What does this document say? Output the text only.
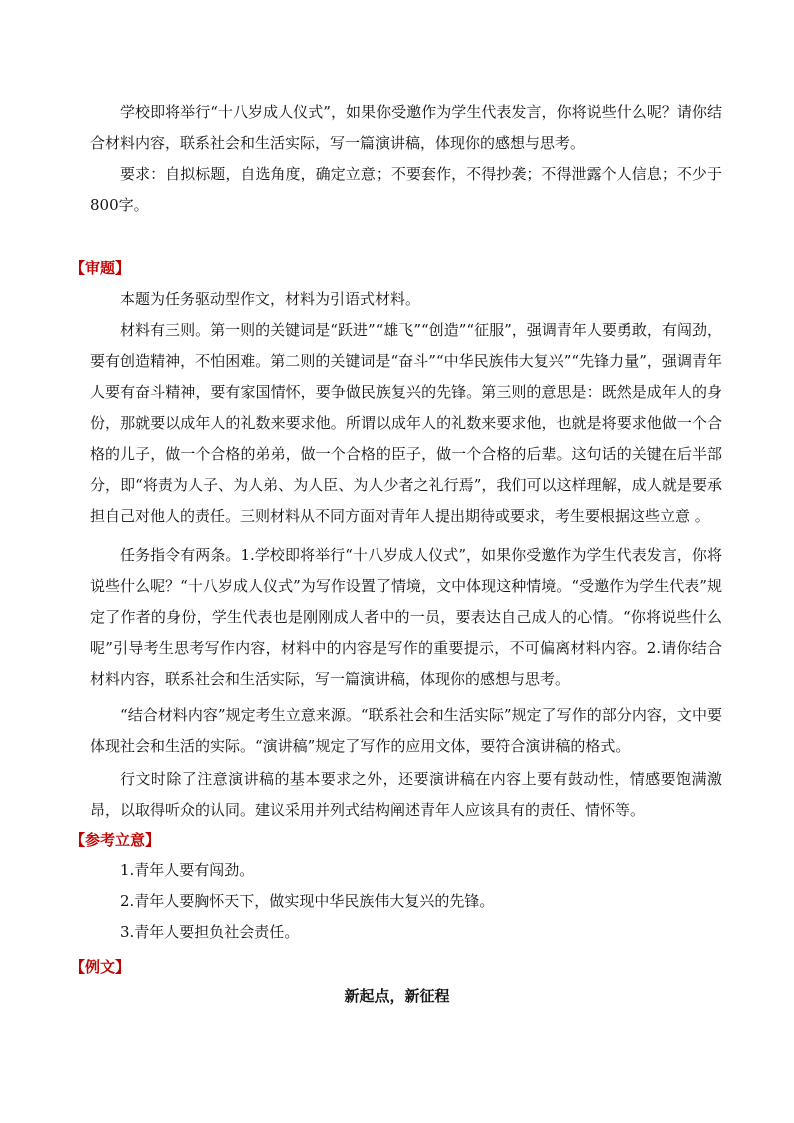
学校即将举行“十八岁成人仪式”，如果你受邀作为学生代表发言，你将说些什么呢？请你结合材料内容，联系社会和生活实际，写一篇演讲稿，体现你的感想与思考。

要求：自拟标题，自选角度，确定立意；不要套作，不得抄袭；不得泄露个人信息；不少于800字。

【审题】

本题为任务驱动型作文，材料为引语式材料。

材料有三则。第一则的关键词是“跃进”“雄飞”“创造”“征服”，强调青年人要勇敢，有闯劲，要有创造精神，不怕困难。第二则的关键词是“奋斗”“中华民族伟大复兴”“先锋力量”，强调青年人要有奋斗精神，要有家国情怀，要争做民族复兴的先锋。第三则的意思是：既然是成年人的身份，那就要以成年人的礼数来要求他。所谓以成年人的礼数来要求他，也就是将要求他做一个合格的儿子，做一个合格的弟弟，做一个合格的臣子，做一个合格的后辈。这句话的关键在后半部分，即“将责为人子、为人弟、为人臣、为人少者之礼行焉”，我们可以这样理解，成人就是要承担自己对他人的责任。三则材料从不同方面对青年人提出期待或要求，考生要根据这些立意 。

任务指令有两条。1.学校即将举行“十八岁成人仪式”，如果你受邀作为学生代表发言，你将说些什么呢？“十八岁成人仪式”为写作设置了情境，文中体现这种情境。“受邀作为学生代表”规定了作者的身份，学生代表也是刚刚成人者中的一员，要表达自己成人的心情。“你将说些什么呢”引导考生思考写作内容，材料中的内容是写作的重要提示，不可偏离材料内容。2.请你结合材料内容，联系社会和生活实际，写一篇演讲稿，体现你的感想与思考。

“结合材料内容”规定考生立意来源。“联系社会和生活实际”规定了写作的部分内容，文中要体现社会和生活的实际。“演讲稿”规定了写作的应用文体，要符合演讲稿的格式。

行文时除了注意演讲稿的基本要求之外，还要演讲稿在内容上要有鼓动性，情感要饱满激昂，以取得听众的认同。建议采用并列式结构阐述青年人应该具有的责任、情怀等。

【参考立意】

1.青年人要有闯劲。

2.青年人要胸怀天下，做实现中华民族伟大复兴的先锋。

3.青年人要担负社会责任。

【例文】
新起点，新征程
